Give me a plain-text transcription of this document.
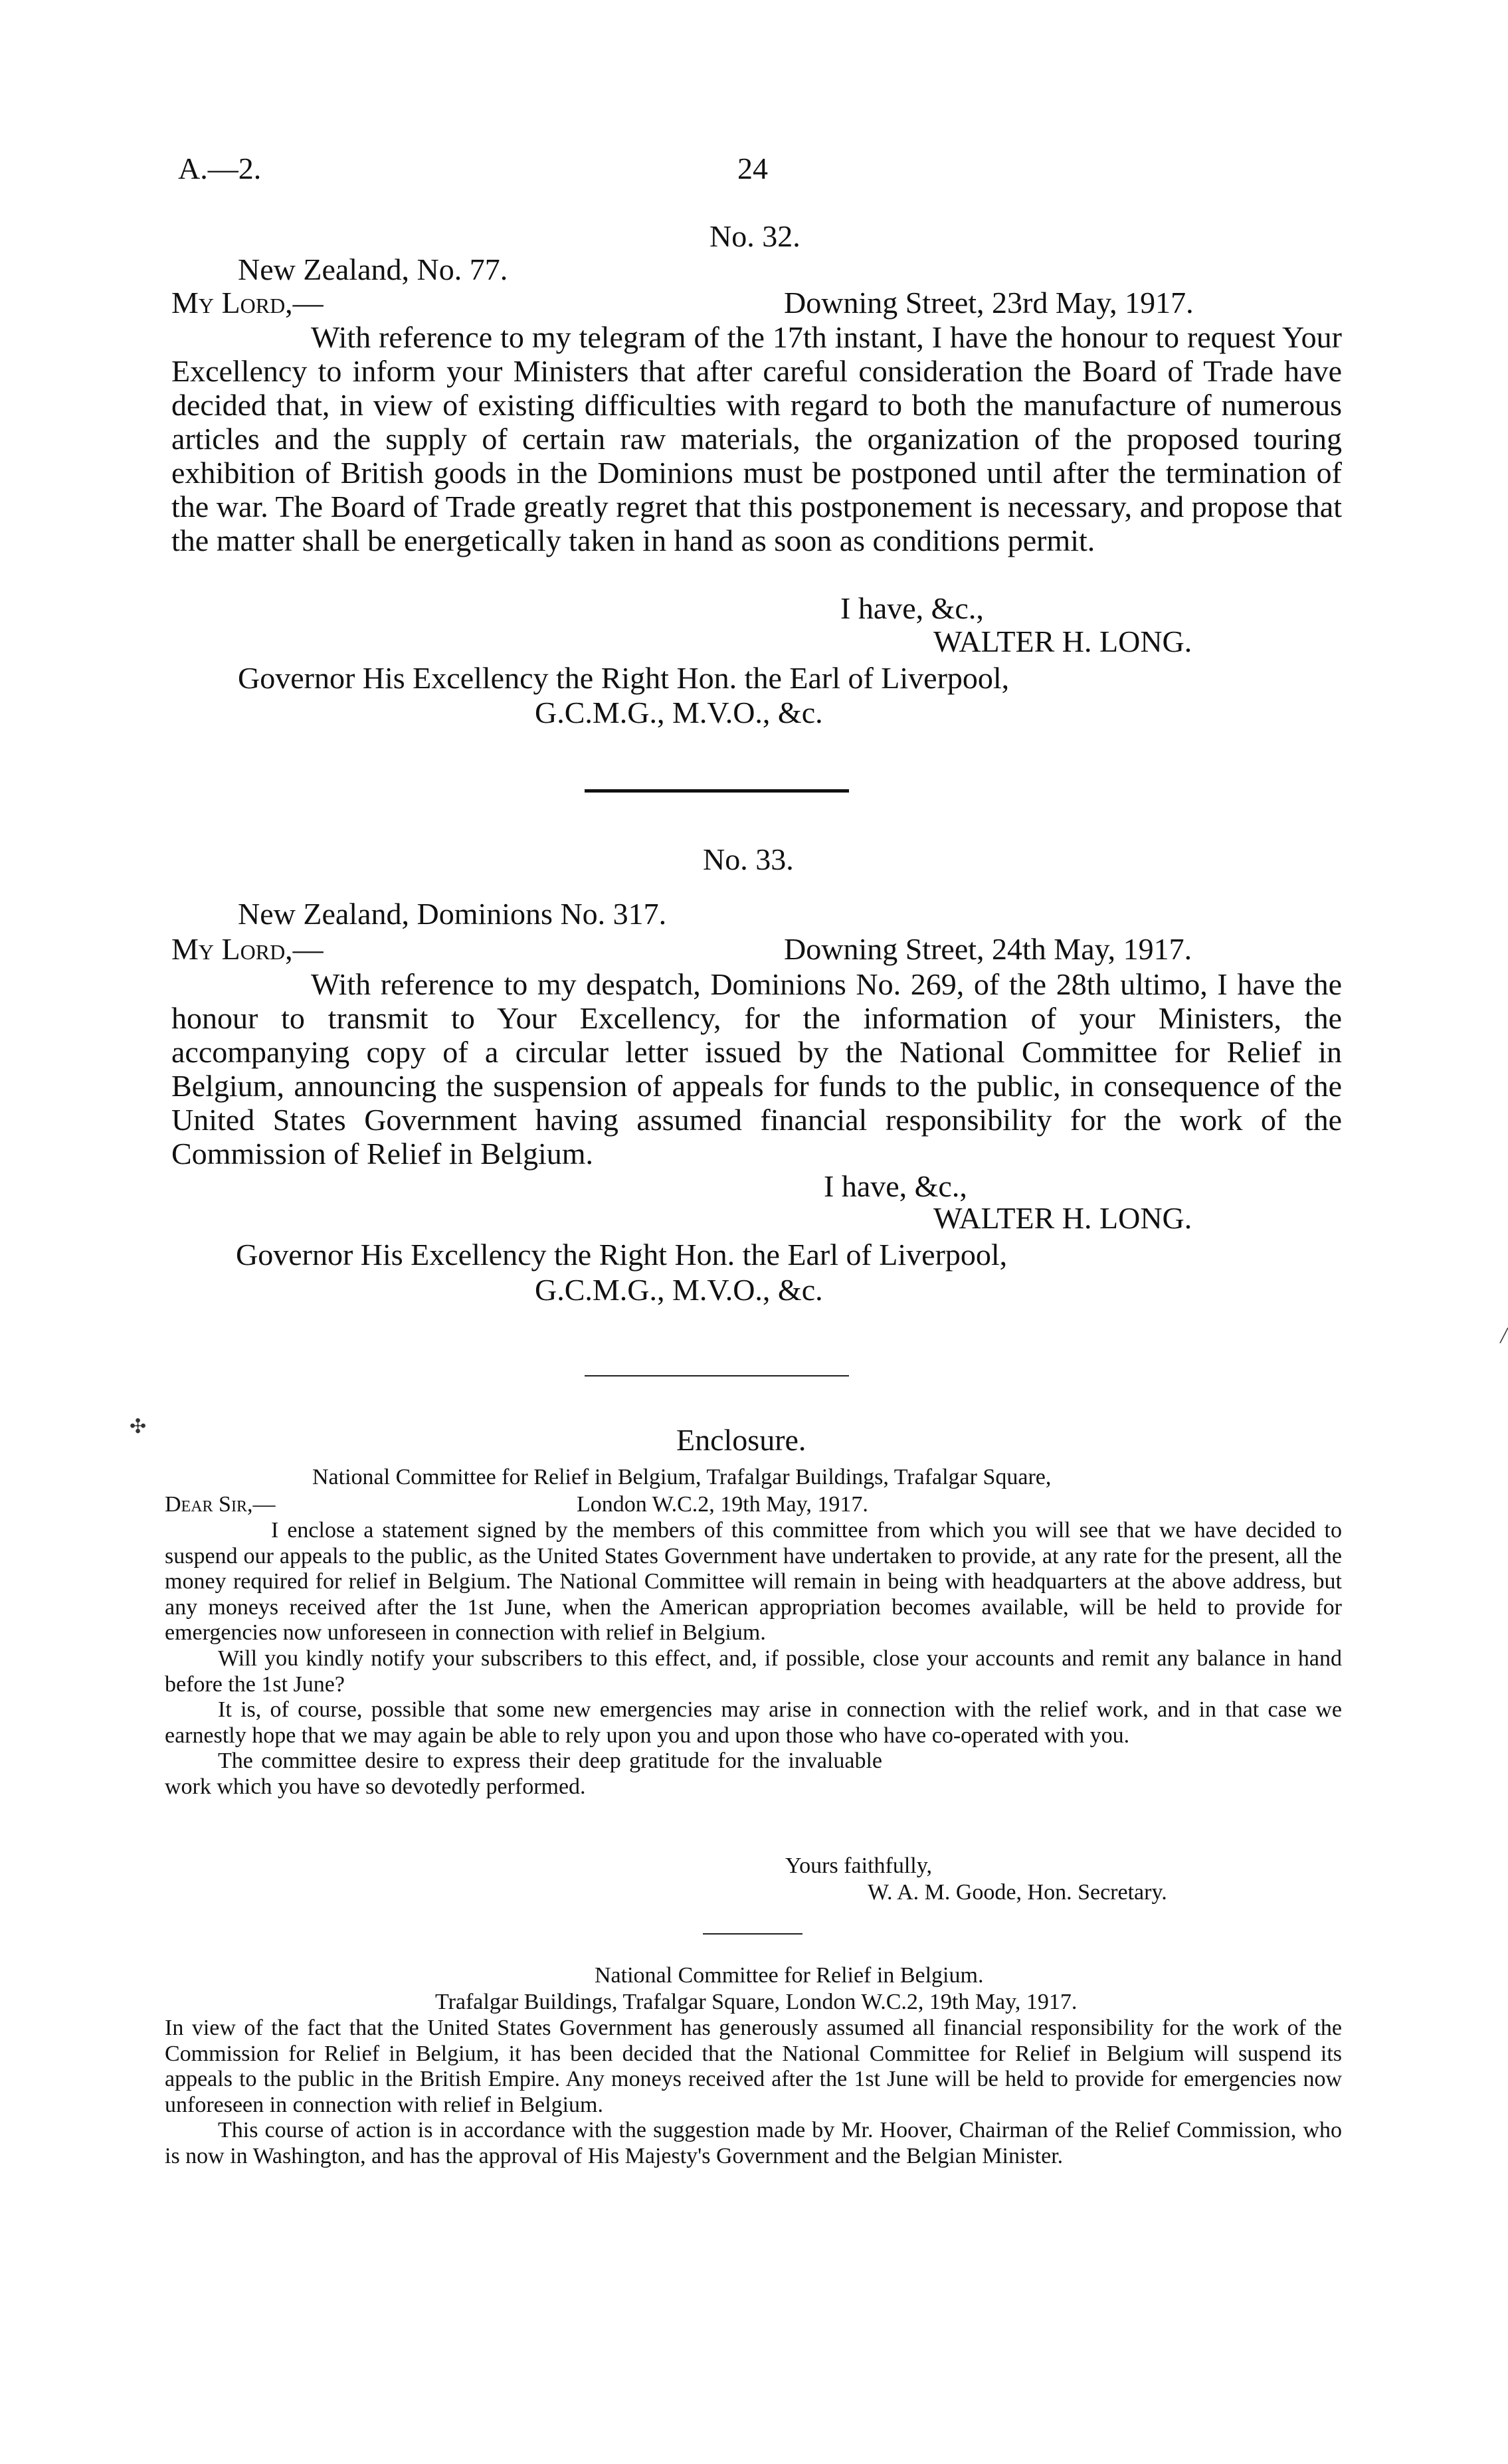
A.—2.	24
No. 32.
New Zealand, No. 77.
My Lord,—	Downing Street, 23rd May, 1917.
With reference to my telegram of the 17th instant, I have the honour to request Your Excellency to inform your Ministers that after careful consideration the Board of Trade have decided that, in view of existing difficulties with regard to both the manufacture of numerous articles and the supply of certain raw materials, the organization of the proposed touring exhibition of British goods in the Dominions must be postponed until after the termination of the war. The Board of Trade greatly regret that this postponement is necessary, and propose that the matter shall be energetically taken in hand as soon as conditions permit.
I have, &c.,
WALTER H. LONG.
Governor His Excellency the Right Hon. the Earl of Liverpool,
G.C.M.G., M.V.O., &c.
No. 33.
New Zealand, Dominions No. 317.
My Lord,—	Downing Street, 24th May, 1917.
With reference to my despatch, Dominions No. 269, of the 28th ultimo, I have the honour to transmit to Your Excellency, for the information of your Ministers, the accompanying copy of a circular letter issued by the National Committee for Relief in Belgium, announcing the suspension of appeals for funds to the public, in consequence of the United States Government having assumed financial responsibility for the work of the Commission of Relief in Belgium.
I have, &c.,
WALTER H. LONG.
Governor His Excellency the Right Hon. the Earl of Liverpool,
G.C.M.G., M.V.O., &c.
✣
╱
Enclosure.
National Committee for Relief in Belgium, Trafalgar Buildings, Trafalgar Square,
Dear Sir,—	London W.C.2, 19th May, 1917.
I enclose a statement signed by the members of this committee from which you will see that we have decided to suspend our appeals to the public, as the United States Government have undertaken to provide, at any rate for the present, all the money required for relief in Belgium. The National Committee will remain in being with headquarters at the above address, but any moneys received after the 1st June, when the American appropriation becomes available, will be held to provide for emergencies now unforeseen in connection with relief in Belgium.
Will you kindly notify your subscribers to this effect, and, if possible, close your accounts and remit any balance in hand before the 1st June?
It is, of course, possible that some new emergencies may arise in connection with the relief work, and in that case we earnestly hope that we may again be able to rely upon you and upon those who have co-operated with you.
The committee desire to express their deep gratitude for the invaluable work which you have so devotedly performed.
Yours faithfully,
W. A. M. Goode, Hon. Secretary.
National Committee for Relief in Belgium.
Trafalgar Buildings, Trafalgar Square, London W.C.2, 19th May, 1917.
In view of the fact that the United States Government has generously assumed all financial responsibility for the work of the Commission for Relief in Belgium, it has been decided that the National Committee for Relief in Belgium will suspend its appeals to the public in the British Empire. Any moneys received after the 1st June will be held to provide for emergencies now unforeseen in connection with relief in Belgium.
This course of action is in accordance with the suggestion made by Mr. Hoover, Chairman of the Relief Commission, who is now in Washington, and has the approval of His Majesty's Government and the Belgian Minister.
